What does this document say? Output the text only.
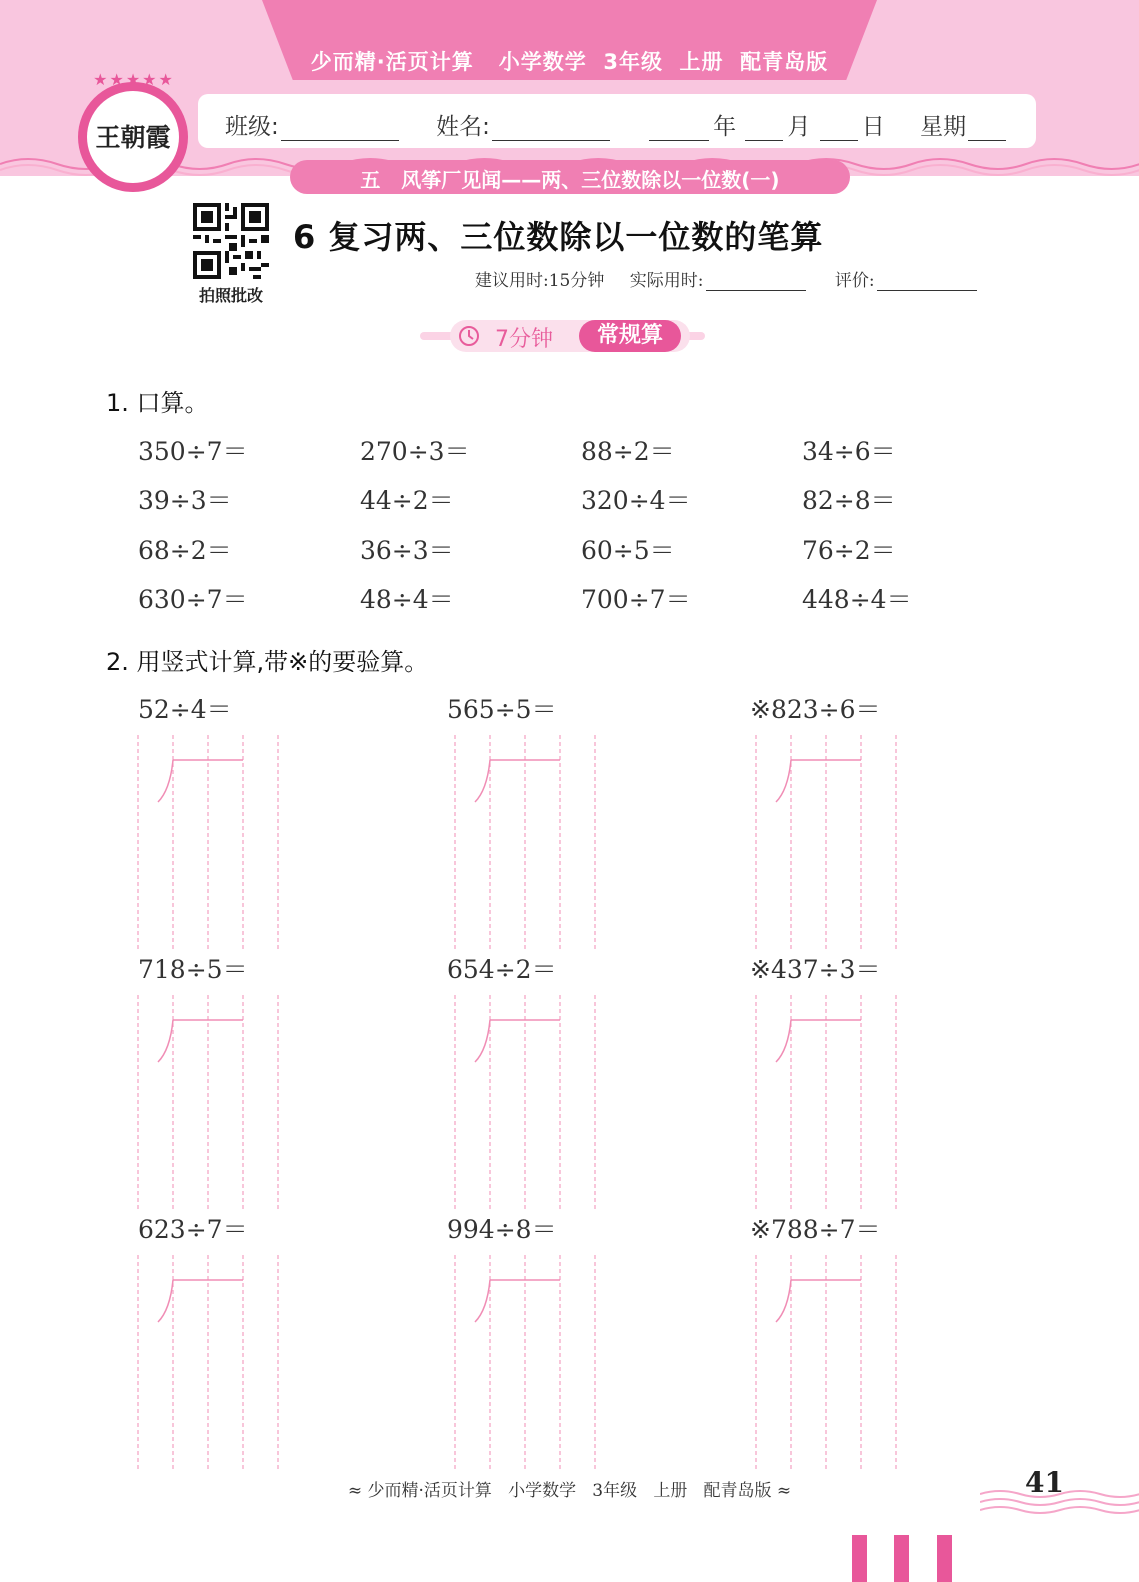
少而精·活页计算   小学数学  3年级  上册  配青岛版
班级:	姓名:	年 月 日 星期
五   风筝厂见闻——两、三位数除以一位数(一)
★★★★★
王朝霞
拍照批改
6 复习两、三位数除以一位数的笔算
建议用时:15分钟 实际用时:	评价:
7分钟	常规算
1. 口算。
350÷7＝	270÷3＝	88÷2＝	34÷6＝
39÷3＝	44÷2＝	320÷4＝	82÷8＝
68÷2＝	36÷3＝	60÷5＝	76÷2＝
630÷7＝	48÷4＝	700÷7＝	448÷4＝
2. 用竖式计算,带※的要验算。
52÷4＝	565÷5＝	※823÷6＝
718÷5＝	654÷2＝	※437÷3＝
623÷7＝	994÷8＝	※788÷7＝
≈ 少而精·活页计算   小学数学   3年级   上册   配青岛版 ≈	41
